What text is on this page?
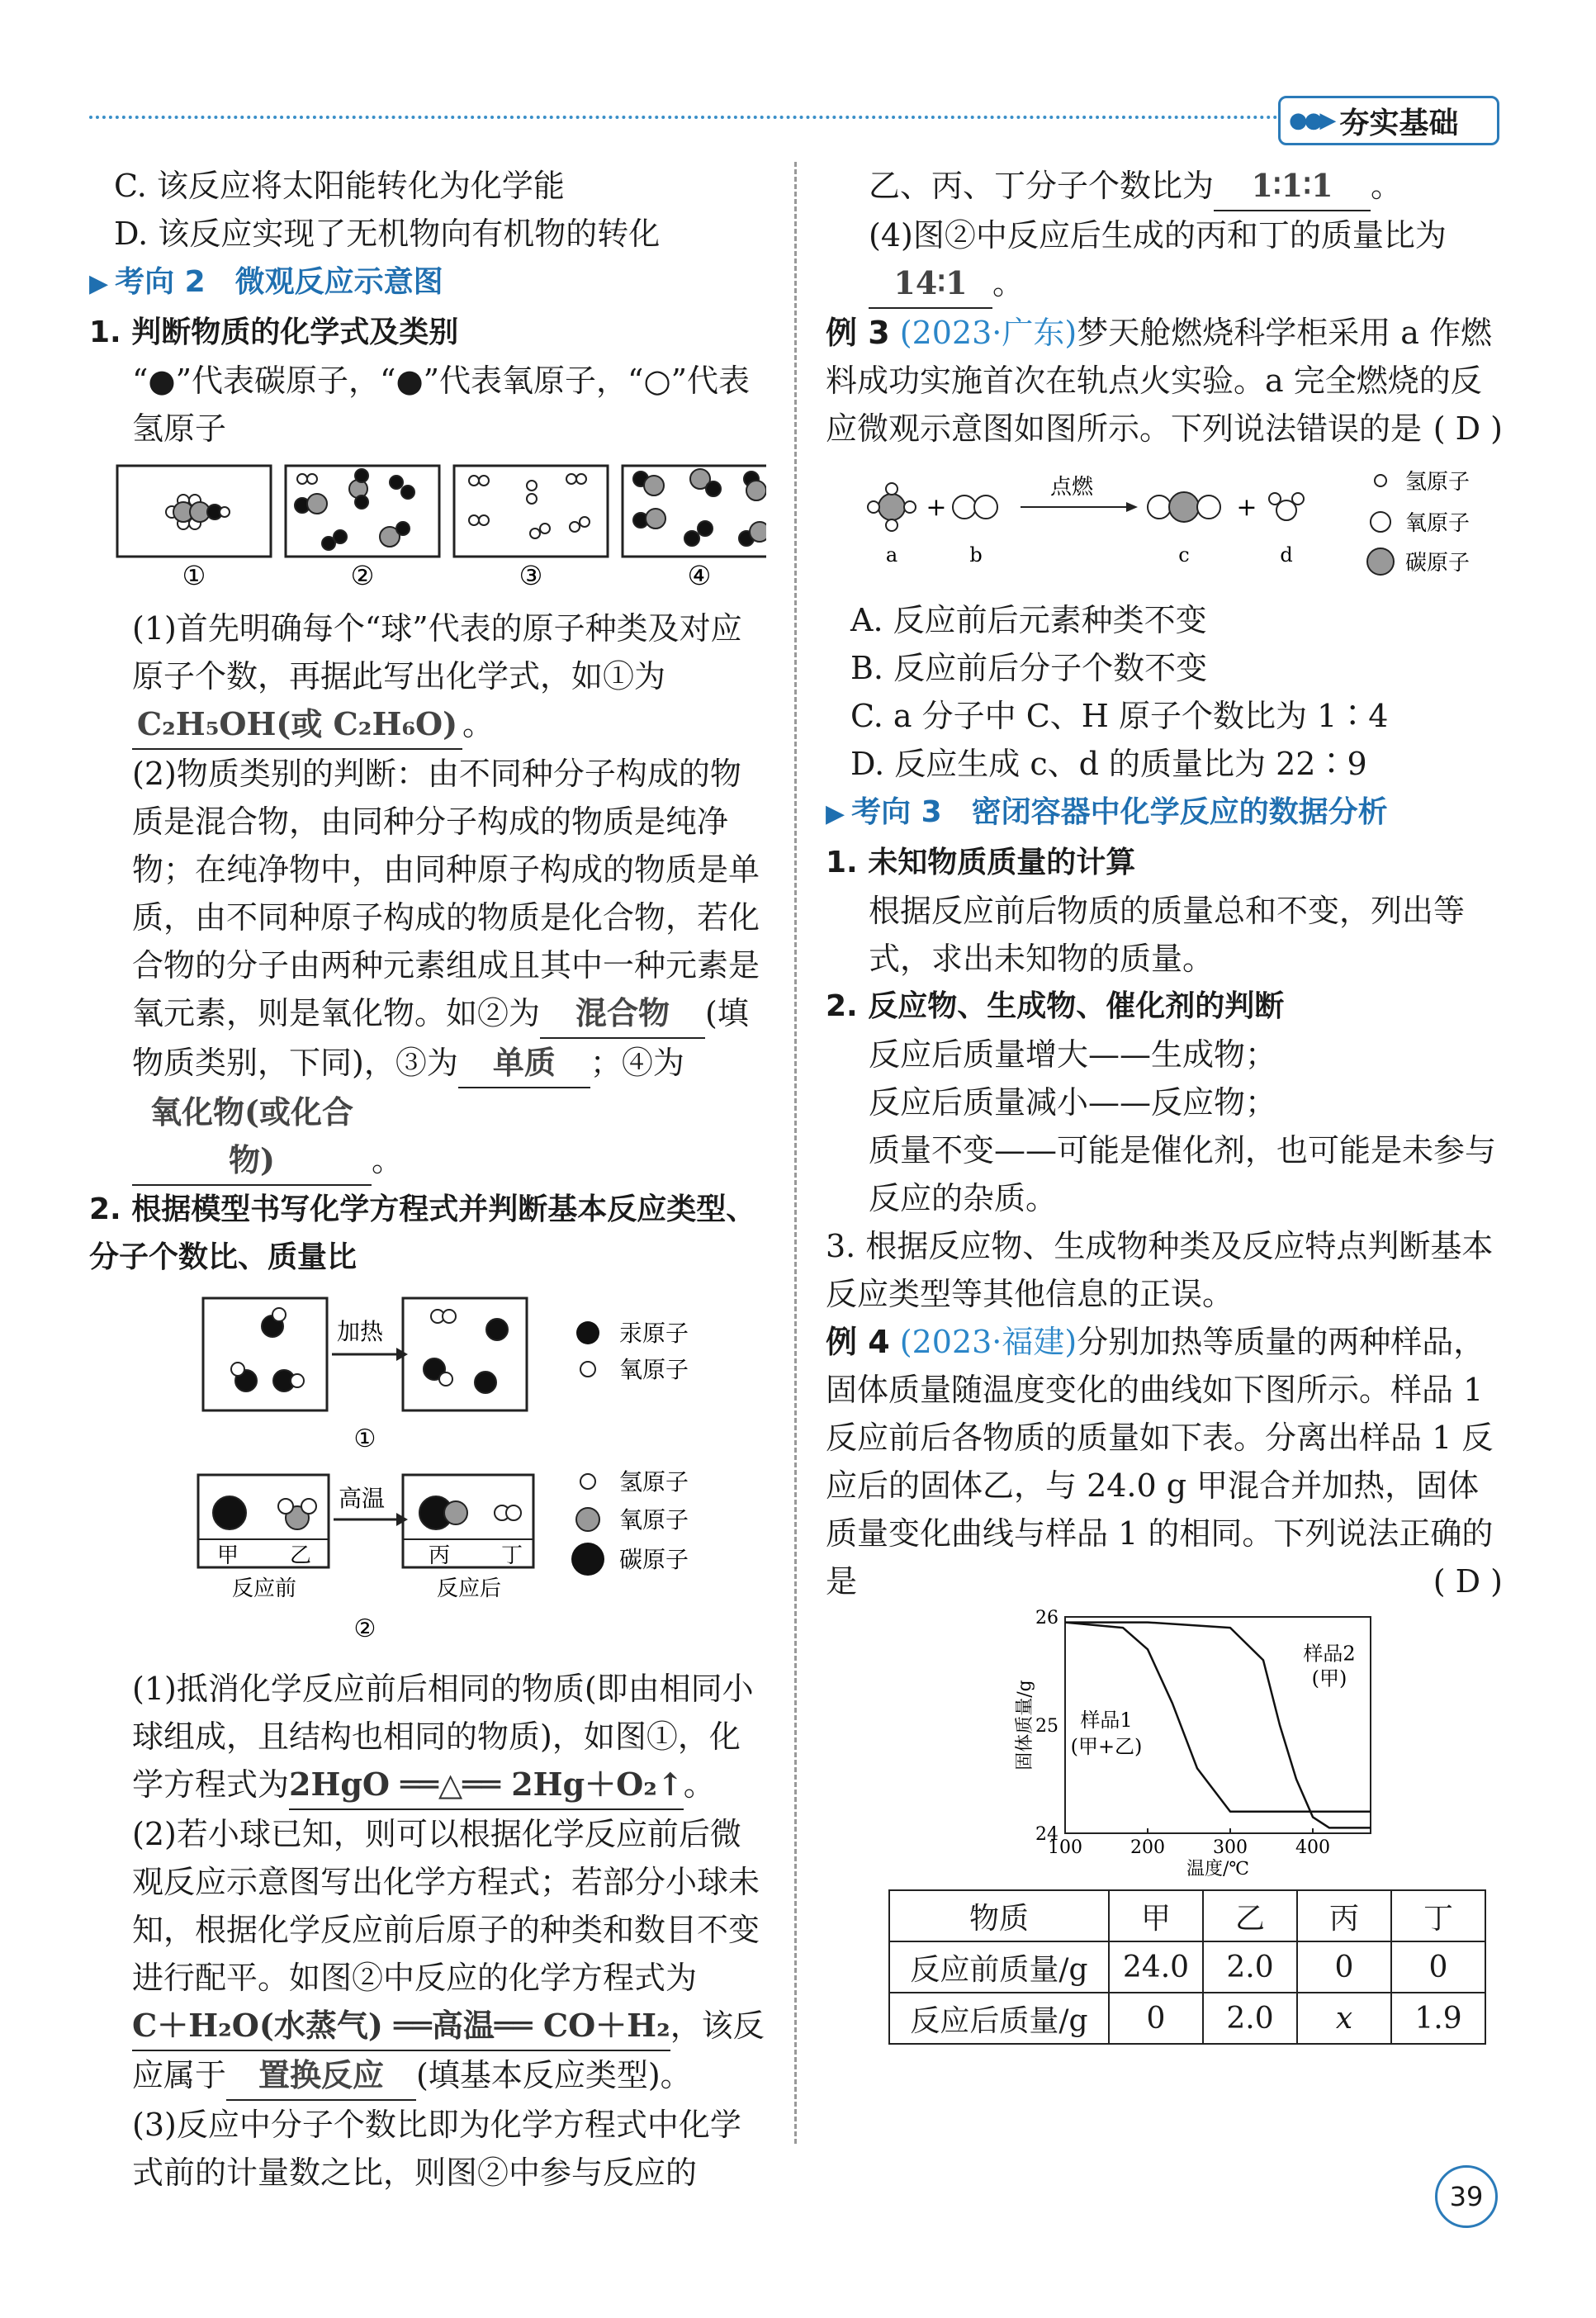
●●▶ 夯实基础

C. 该反应将太阳能转化为化学能

D. 该反应实现了无机物向有机物的转化

▶ 考向 2　微观反应示意图
1. 判断物质的化学式及类别

“●”代表碳原子，“●”代表氧原子，“○”代表氢原子

①	②	③	④

(1)首先明确每个“球”代表的原子种类及对应原子个数，再据此写出化学式，如①为C₂H₅OH(或 C₂H₆O) 。

(2)物质类别的判断：由不同种分子构成的物质是混合物，由同种分子构成的物质是纯净物；在纯净物中，由同种原子构成的物质是单质，由不同种原子构成的物质是化合物，若化合物的分子由两种元素组成且其中一种元素是氧元素，则是氧化物。如②为 混合物 (填物质类别，下同)，③为 单质 ；④为氧化物(或化合物)	。

2. 根据模型书写化学方程式并判断基本反应类型、分子个数比、质量比
加热	汞原子
氧原子
①
高温
甲 乙	丙 丁
反应前	反应后
氢原子
氧原子
碳原子
②

(1)抵消化学反应前后相同的物质(即由相同小球组成，且结构也相同的物质)，如图①，化学方程式为2HgO ══△══ 2Hg＋O₂↑。

(2)若小球已知，则可以根据化学反应前后微观反应示意图写出化学方程式；若部分小球未知，根据化学反应前后原子的种类和数目不变进行配平。如图②中反应的化学方程式为C＋H₂O(水蒸气) ══高温══ CO＋H₂，该反应属于 置换反应 (填基本反应类型)。

(3)反应中分子个数比即为化学方程式中化学式前的计量数之比，则图②中参与反应的

乙、丙、丁分子个数比为 1∶1∶1 。

(4)图②中反应后生成的丙和丁的质量比为14∶1 。

例 3 (2023·广东)梦天舱燃烧科学柜采用 a 作燃料成功实施首次在轨点火实验。a 完全燃烧的反应微观示意图如图所示。下列说法错误的是 ( D )

+	+
点燃
a	b	c	d
氢原子
氧原子
碳原子

A. 反应前后元素种类不变

B. 反应前后分子个数不变

C. a 分子中 C、H 原子个数比为 1∶4

D. 反应生成 c、d 的质量比为 22∶9

▶ 考向 3　密闭容器中化学反应的数据分析
1. 未知物质质量的计算

根据反应前后物质的质量总和不变，列出等式，求出未知物的质量。

2. 反应物、生成物、催化剂的判断

反应后质量增大——生成物；

反应后质量减小——反应物；

质量不变——可能是催化剂，也可能是未参与反应的杂质。

3. 根据反应物、生成物种类及反应特点判断基本反应类型等其他信息的正误。

例 4 (2023·福建)分别加热等质量的两种样品，固体质量随温度变化的曲线如下图所示。样品 1 反应前后各物质的质量如下表。分离出样品 1 反应后的固体乙，与 24.0 g 甲混合并加热，固体质量变化曲线与样品 1 的相同。下列说法正确的是	( D )

100	200	300	400
24
25
26
温度/℃
固体质量/g 样品1
(甲+乙)
样品2
(甲)
物质	甲	乙	丙	丁
反应前质量/g	24.0	2.0	0	0
反应后质量/g	0	2.0	x	1.9
39
